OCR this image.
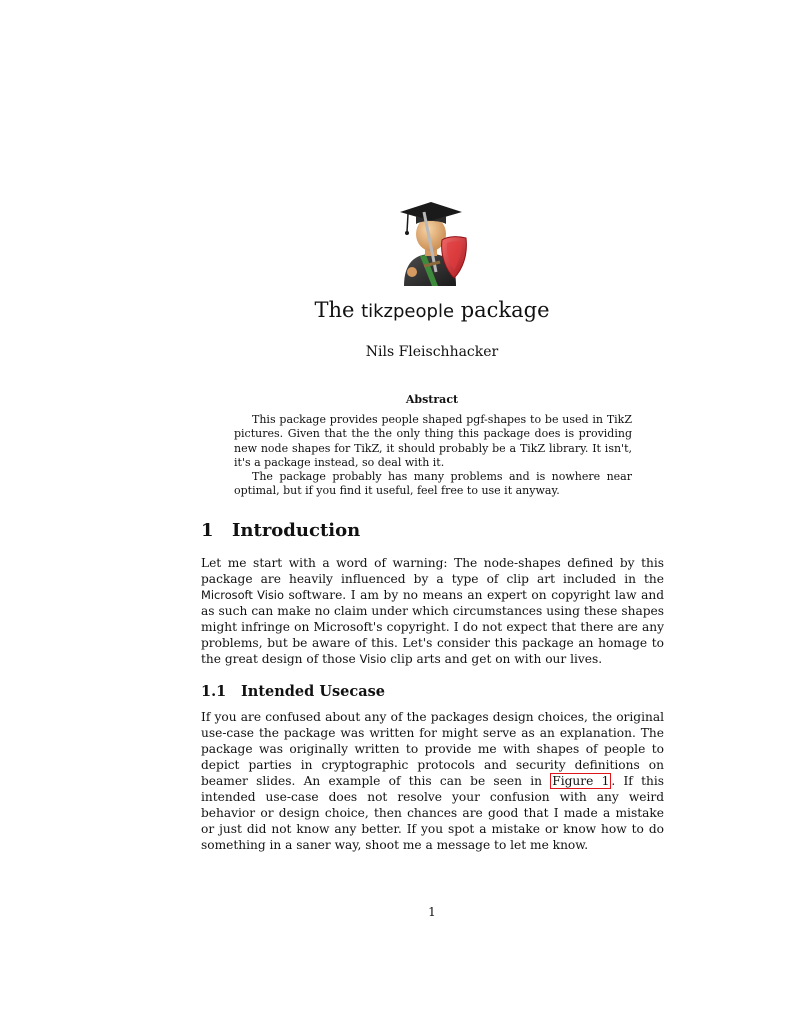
The tikzpeople package
Nils Fleischhacker
Abstract
This package provides people shaped pgf-shapes to be used in TikZ pictures. Given that the the only thing this package does is providing new node shapes for TikZ, it should probably be a TikZ library. It isn't, it's a package instead, so deal with it.
The package probably has many problems and is nowhere near optimal, but if you find it useful, feel free to use it anyway.
1 Introduction
Let me start with a word of warning: The node-shapes defined by this package are heavily influenced by a type of clip art included in the Microsoft Visio software. I am by no means an expert on copyright law and as such can make no claim under which circumstances using these shapes might infringe on Microsoft's copyright. I do not expect that there are any problems, but be aware of this. Let's consider this package an homage to the great design of those Visio clip arts and get on with our lives.
1.1 Intended Usecase
If you are confused about any of the packages design choices, the original use-case the package was written for might serve as an explanation. The package was originally written to provide me with shapes of people to depict parties in cryptographic protocols and security definitions on beamer slides. An example of this can be seen in Figure 1 . If this intended use-case does not resolve your confusion with any weird behavior or design choice, then chances are good that I made a mistake or just did not know any better. If you spot a mistake or know how to do something in a saner way, shoot me a message to let me know.
1
